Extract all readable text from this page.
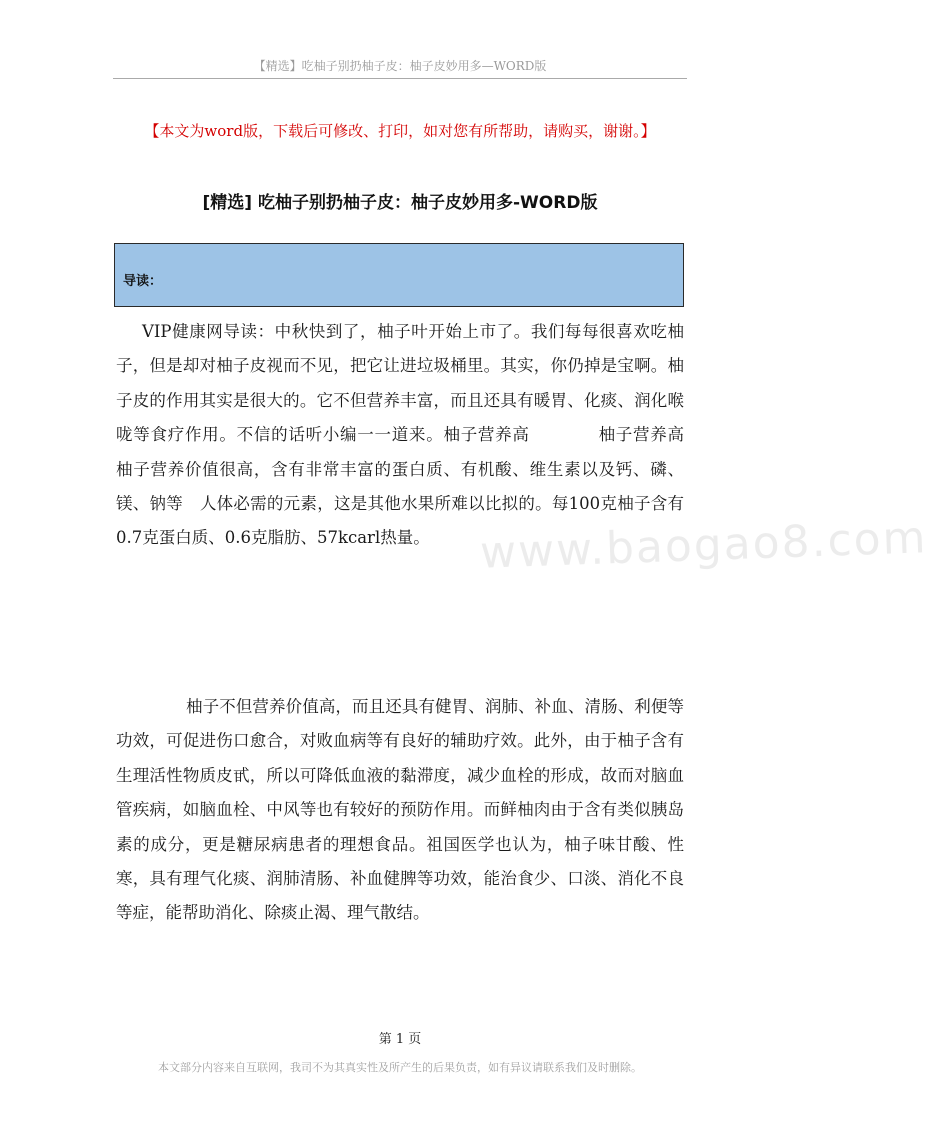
【精选】吃柚子别扔柚子皮：柚子皮妙用多—WORD版
【本文为word版，下载后可修改、打印，如对您有所帮助，请购买，谢谢。】
[精选] 吃柚子别扔柚子皮：柚子皮妙用多-WORD版
导读：
www.baogao8.com

VIP健康网导读：中秋快到了，柚子叶开始上市了。我们每每很喜欢吃柚子，但是却对柚子皮视而不见，把它让进垃圾桶里。其实，你仍掉是宝啊。柚子皮的作用其实是很大的。它不但营养丰富，而且还具有暖胃、化痰、润化喉咙等食疗作用。不信的话听小编一一道来。柚子营养高　　　　柚子营养高　　　　柚子营养价值很高，含有非常丰富的蛋白质、有机酸、维生素以及钙、磷、镁、钠等　人体必需的元素，这是其他水果所难以比拟的。每100克柚子含有0.7克蛋白质、0.6克脂肪、57kcarl热量。

柚子不但营养价值高，而且还具有健胃、润肺、补血、清肠、利便等功效，可促进伤口愈合，对败血病等有良好的辅助疗效。此外，由于柚子含有生理活性物质皮甙，所以可降低血液的黏滞度，减少血栓的形成，故而对脑血管疾病，如脑血栓、中风等也有较好的预防作用。而鲜柚肉由于含有类似胰岛素的成分，更是糖尿病患者的理想食品。祖国医学也认为，柚子味甘酸、性寒，具有理气化痰、润肺清肠、补血健脾等功效，能治食少、口淡、消化不良等症，能帮助消化、除痰止渴、理气散结。

第 1 页
本文部分内容来自互联网，我司不为其真实性及所产生的后果负责，如有异议请联系我们及时删除。
